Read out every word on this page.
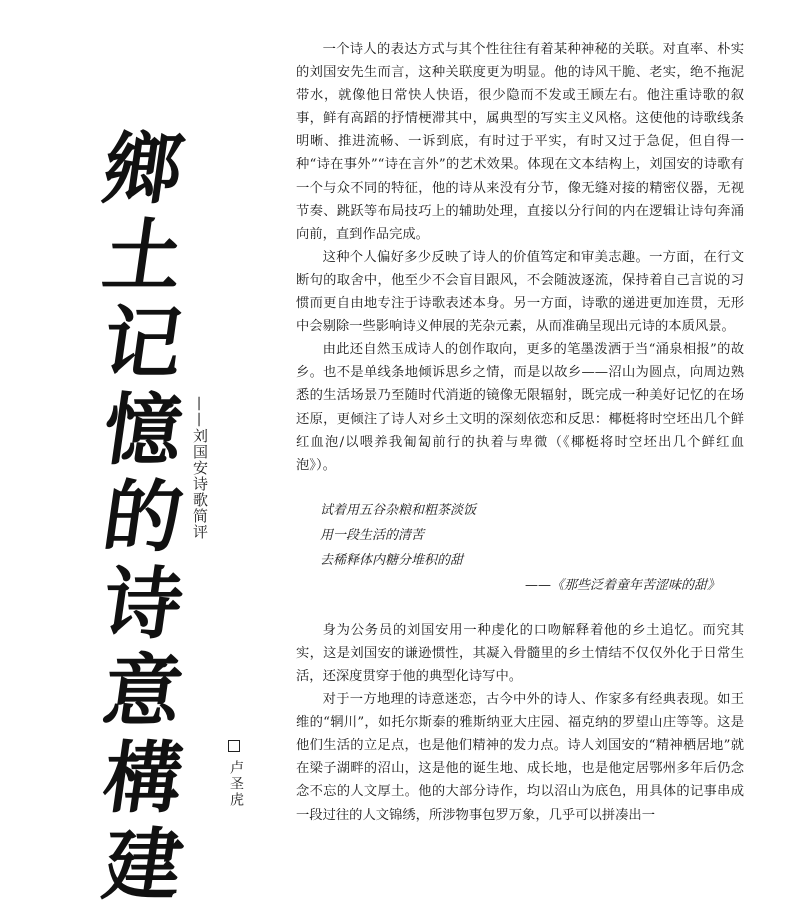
鄉
土
记
憶
的
诗
意
構
建
——刘国安诗歌简评
卢圣虎

一个诗人的表达方式与其个性往往有着某种神秘的关联。对直率、朴实的刘国安先生而言，这种关联度更为明显。他的诗风干脆、老实，绝不拖泥带水，就像他日常快人快语，很少隐而不发或王顾左右。他注重诗歌的叙事，鲜有高蹈的抒情梗滞其中，属典型的写实主义风格。这使他的诗歌线条明晰、推进流畅、一诉到底，有时过于平实，有时又过于急促，但自得一种“诗在事外”“诗在言外”的艺术效果。体现在文本结构上，刘国安的诗歌有一个与众不同的特征，他的诗从来没有分节，像无缝对接的精密仪器，无视节奏、跳跃等布局技巧上的辅助处理，直接以分行间的内在逻辑让诗句奔涌向前，直到作品完成。

这种个人偏好多少反映了诗人的价值笃定和审美志趣。一方面，在行文断句的取舍中，他至少不会盲目跟风，不会随波逐流，保持着自己言说的习惯而更自由地专注于诗歌表述本身。另一方面，诗歌的递进更加连贯，无形中会剔除一些影响诗义伸展的芜杂元素，从而准确呈现出元诗的本质风景。

由此还自然玉成诗人的创作取向，更多的笔墨泼洒于当“涌泉相报”的故乡。也不是单线条地倾诉思乡之情，而是以故乡——沼山为圆点，向周边熟悉的生活场景乃至随时代消逝的镜像无限辐射，既完成一种美好记忆的在场还原，更倾注了诗人对乡土文明的深刻依恋和反思：椰梃将时空坯出几个鲜红血泡/以喂养我匍匐前行的执着与卑微（《椰梃将时空坯出几个鲜红血泡》）。

试着用五谷杂粮和粗茶淡饭
用一段生活的清苦
去稀释体内糖分堆积的甜
——《那些泛着童年苦涩味的甜》

身为公务员的刘国安用一种虔化的口吻解释着他的乡土追忆。而究其实，这是刘国安的谦逊惯性，其凝入骨髓里的乡土情结不仅仅外化于日常生活，还深度贯穿于他的典型化诗写中。

对于一方地理的诗意迷恋，古今中外的诗人、作家多有经典表现。如王维的“辋川”，如托尔斯泰的雅斯纳亚大庄园、福克纳的罗望山庄等等。这是他们生活的立足点，也是他们精神的发力点。诗人刘国安的“精神栖居地”就在梁子湖畔的沼山，这是他的诞生地、成长地，也是他定居鄂州多年后仍念念不忘的人文厚土。他的大部分诗作，均以沼山为底色，用具体的记事串成一段过往的人文锦绣，所涉物事包罗万象，几乎可以拼凑出一
